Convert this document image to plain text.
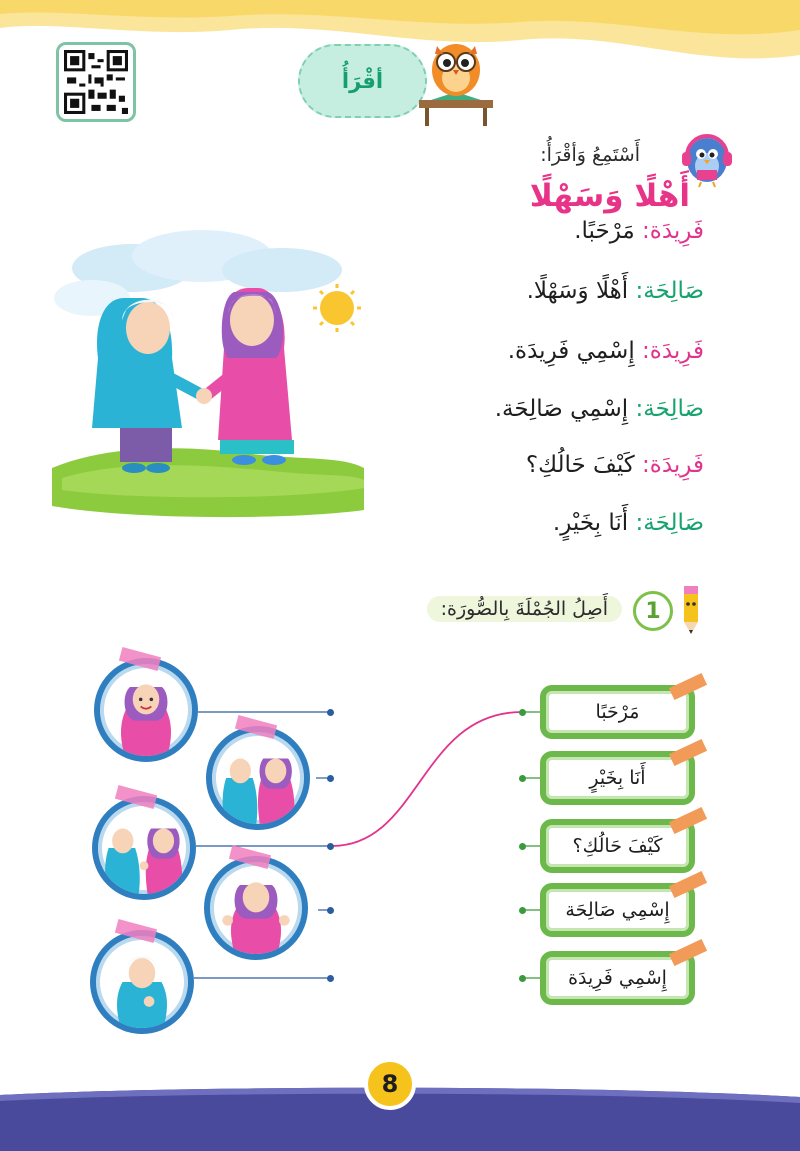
أقْرَأُ
أَسْتَمِعُ وَأقْرَأُ:
أَهْلًا وَسَهْلًا
فَرِيدَة: مَرْحَبًا.
صَالِحَة: أَهْلًا وَسَهْلًا.
فَرِيدَة: إِسْمِي فَرِيدَة.
صَالِحَة: إِسْمِي صَالِحَة.
فَرِيدَة: كَيْفَ حَالُكِ؟
صَالِحَة: أَنَا بِخَيْرٍ.
1
أَصِلُ الجُمْلَةَ بِالصُّورَة:
مَرْحَبًا
أَنَا بِخَيْرٍ
كَيْفَ حَالُكِ؟
إِسْمِي صَالِحَة
إِسْمِي فَرِيدَة
8
